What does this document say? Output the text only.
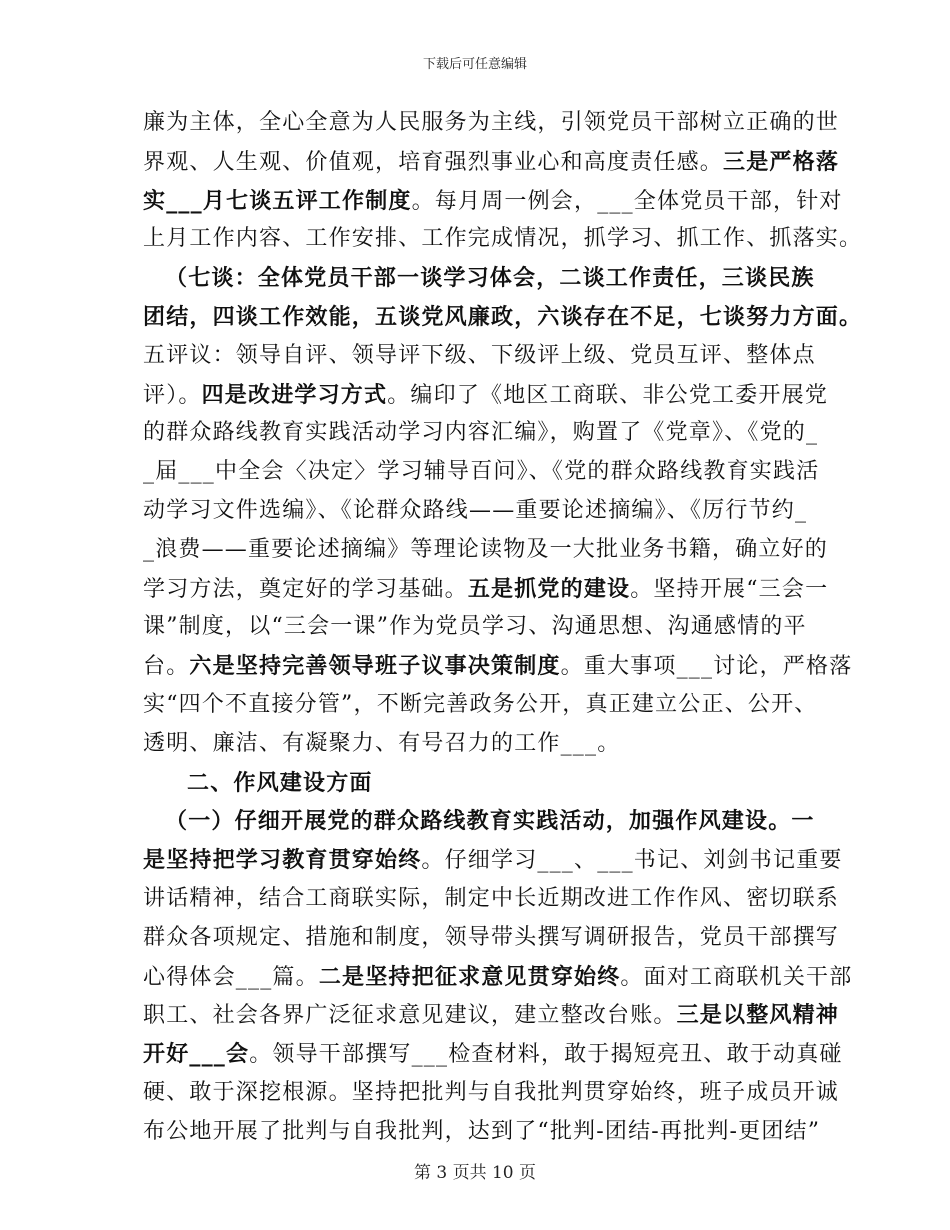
下载后可任意编辑
廉为主体，全心全意为人民服务为主线，引领党员干部树立正确的世
界观、人生观、价值观，培育强烈事业心和高度责任感。三是严格落
实___月七谈五评工作制度。每月周一例会，___全体党员干部，针对
上月工作内容、工作安排、工作完成情况，抓学习、抓工作、抓落实。
（七谈：全体党员干部一谈学习体会，二谈工作责任，三谈民族
团结，四谈工作效能，五谈党风廉政，六谈存在不足，七谈努力方面。
五评议：领导自评、领导评下级、下级评上级、党员互评、整体点
评）。四是改进学习方式。编印了《地区工商联、非公党工委开展党
的群众路线教育实践活动学习内容汇编》，购置了《党章》、《党的_
_届___中全会〈决定〉学习辅导百问》、《党的群众路线教育实践活
动学习文件选编》、《论群众路线——重要论述摘编》、《厉行节约_
_浪费——重要论述摘编》等理论读物及一大批业务书籍，确立好的
学习方法，奠定好的学习基础。五是抓党的建设。坚持开展“三会一
课”制度，以“三会一课”作为党员学习、沟通思想、沟通感情的平
台。六是坚持完善领导班子议事决策制度。重大事项___讨论，严格落
实“四个不直接分管”，不断完善政务公开，真正建立公正、公开、
透明、廉洁、有凝聚力、有号召力的工作___。
二、作风建设方面
（一）仔细开展党的群众路线教育实践活动，加强作风建设。一
是坚持把学习教育贯穿始终。仔细学习___、___书记、刘剑书记重要
讲话精神，结合工商联实际，制定中长近期改进工作作风、密切联系
群众各项规定、措施和制度，领导带头撰写调研报告，党员干部撰写
心得体会___篇。二是坚持把征求意见贯穿始终。面对工商联机关干部
职工、社会各界广泛征求意见建议，建立整改台账。三是以整风精神
开好___会。领导干部撰写___检查材料，敢于揭短亮丑、敢于动真碰
硬、敢于深挖根源。坚持把批判与自我批判贯穿始终，班子成员开诚
布公地开展了批判与自我批判，达到了“批判-团结-再批判-更团结”
第 3 页共 10 页
